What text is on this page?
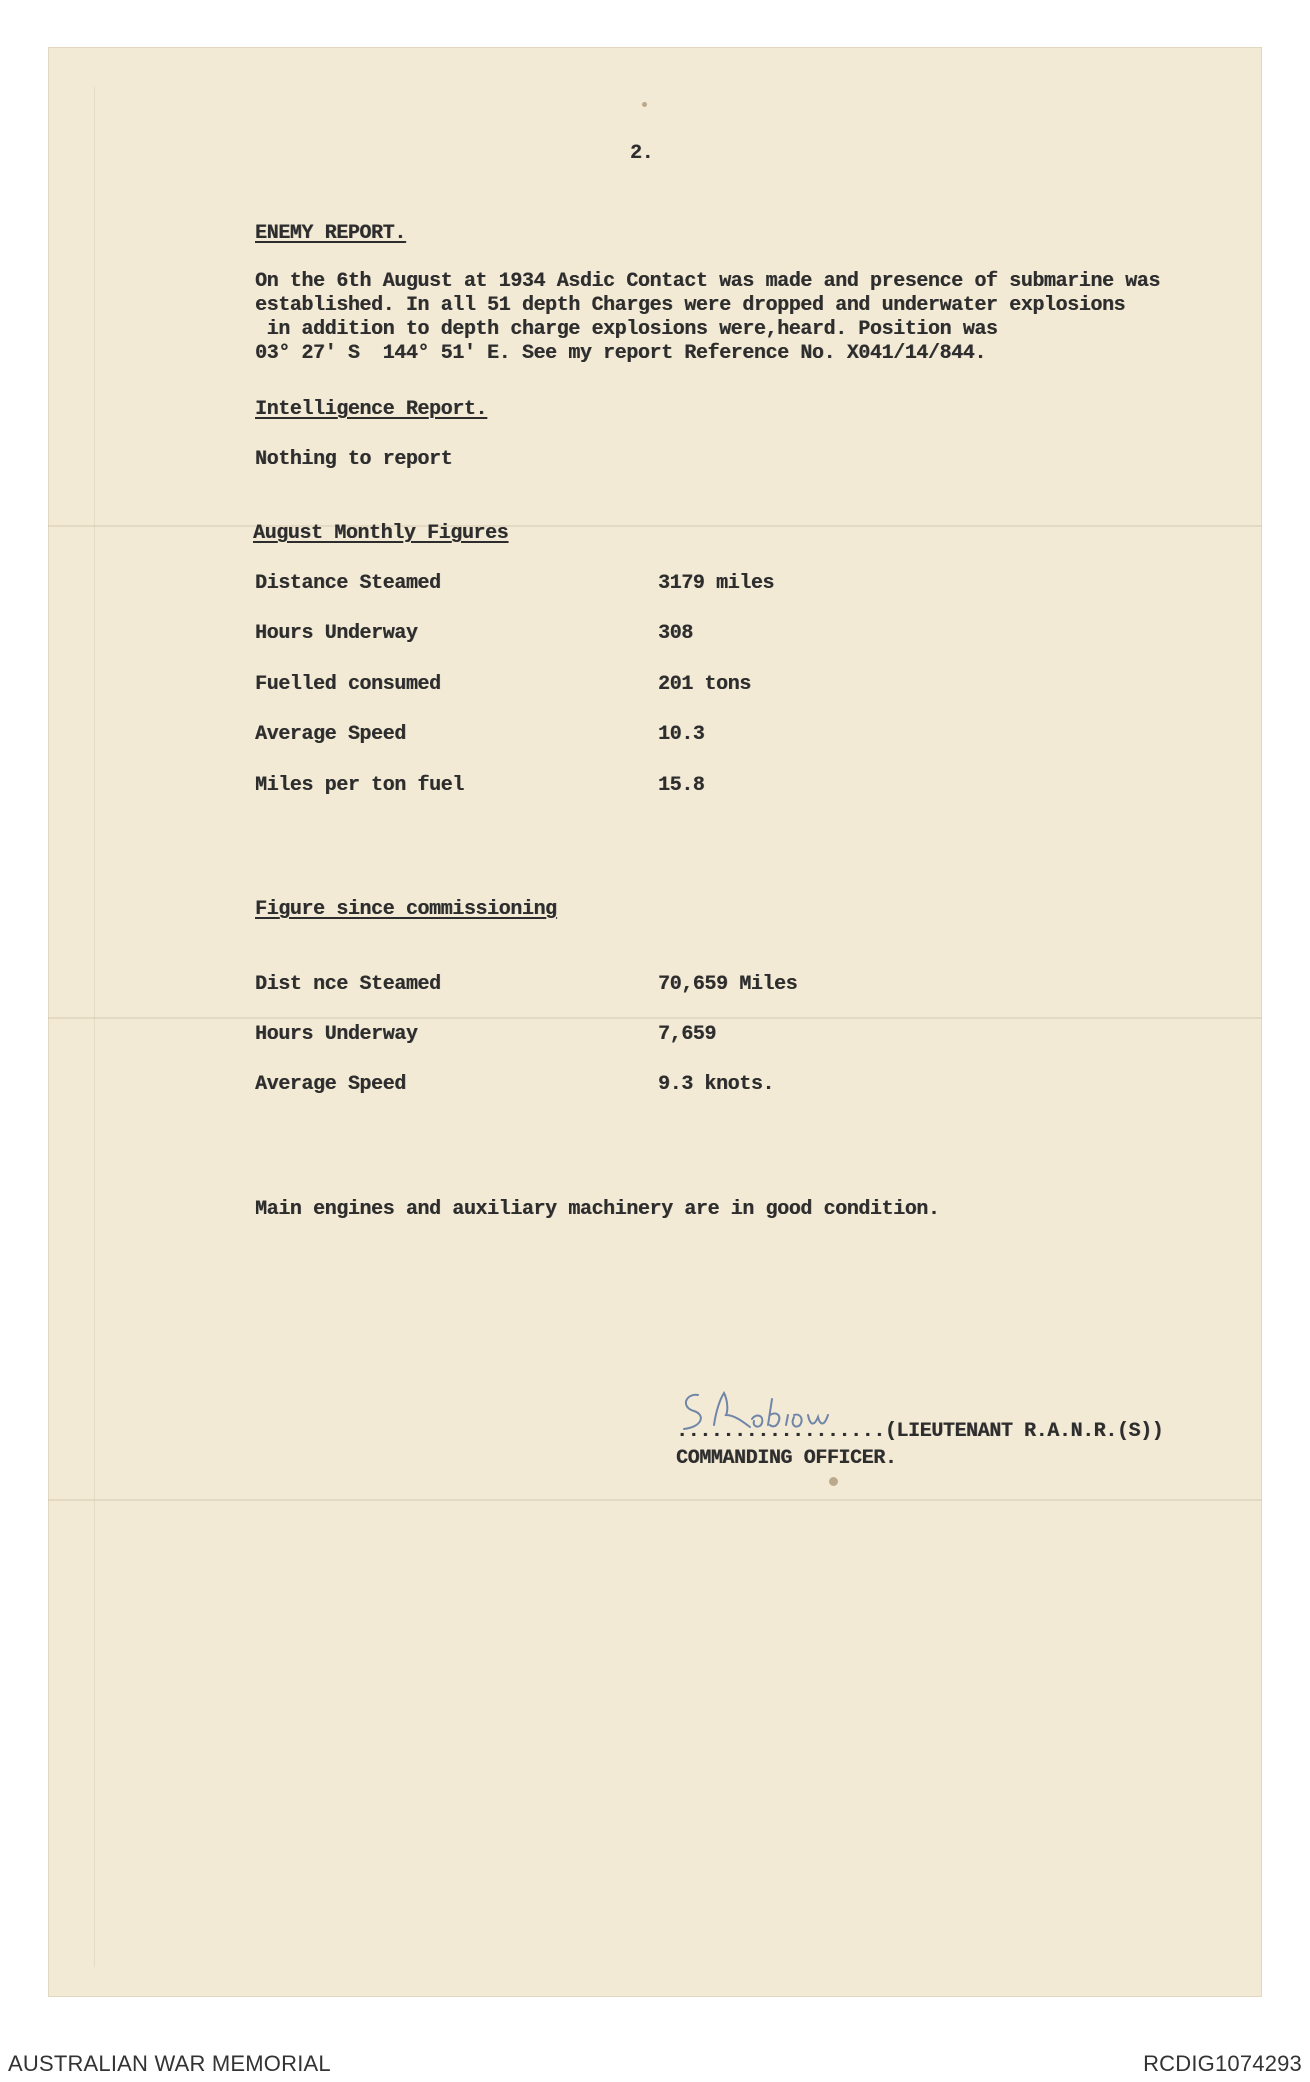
2.
ENEMY REPORT.
On the 6th August at 1934 Asdic Contact was made and presence of submarine was
established. In all 51 depth Charges were dropped and underwater explosions
in addition to depth charge explosions were,heard. Position was
03° 27' S  144° 51' E. See my report Reference No. X041/14/844.
Intelligence Report.
Nothing to report
August Monthly Figures
Distance Steamed	3179 miles
Hours Underway	308
Fuelled consumed	201 tons
Average Speed	10.3
Miles per ton fuel	15.8
Figure since commissioning
Dist nce Steamed	70,659 Miles
Hours Underway	7,659
Average Speed	9.3 knots.
Main engines and auxiliary machinery are in good condition.
S Robson
..................(LIEUTENANT R.A.N.R.(S))
COMMANDING OFFICER.
AUSTRALIAN WAR MEMORIAL	RCDIG1074293
